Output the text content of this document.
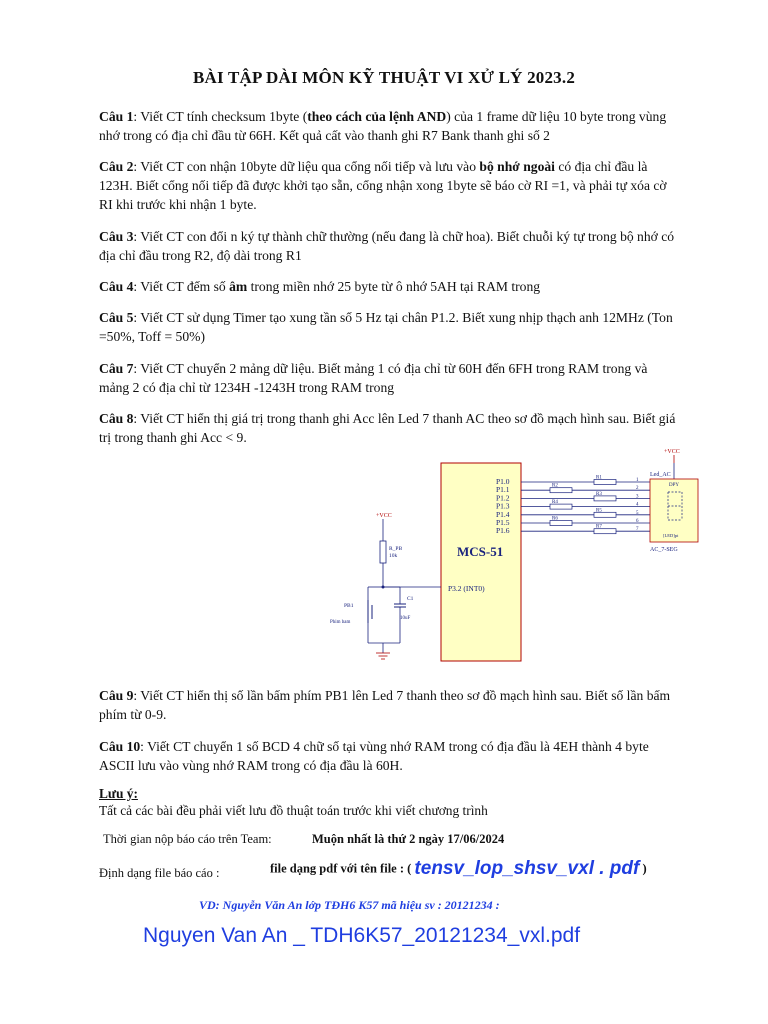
BÀI TẬP DÀI MÔN KỸ THUẬT VI XỬ LÝ 2023.2
Câu 1: Viết CT tính checksum 1byte (theo cách của lệnh AND) của 1 frame dữ liệu 10 byte trong vùng nhớ trong có địa chỉ đầu từ 66H. Kết quả cất vào thanh ghi R7 Bank thanh ghi số 2
Câu 2: Viết CT con nhận 10byte dữ liệu qua cổng nối tiếp và lưu vào bộ nhớ ngoài có địa chỉ đầu là 123H. Biết cổng nối tiếp đã được khởi tạo sẵn, cổng nhận xong 1byte sẽ báo cờ RI =1, và phải tự xóa cờ RI khi trước khi nhận 1 byte.
Câu 3: Viết CT con đổi n ký tự thành chữ thường (nếu đang là chữ hoa). Biết chuỗi ký tự trong bộ nhớ có địa chỉ đầu trong R2, độ dài trong R1
Câu 4: Viết CT đếm số âm trong miền nhớ 25 byte từ ô nhớ 5AH tại RAM trong
Câu 5: Viết CT sử dụng Timer tạo xung tần số 5 Hz tại chân P1.2. Biết xung nhịp thạch anh 12MHz (Ton =50%, Toff = 50%)
Câu 7: Viết CT chuyển 2 mảng dữ liệu. Biết mảng 1 có địa chỉ từ 60H đến 6FH trong RAM trong và mảng 2 có địa chỉ từ 1234H -1243H trong RAM trong
Câu 8: Viết CT hiển thị giá trị trong thanh ghi Acc lên Led 7 thanh AC theo sơ đồ mạch hình sau. Biết giá trị trong thanh ghi Acc < 9.
MCS-51
P3.2 (INT0)
P1.0
P1.1
P1.2
P1.3
P1.4
P1.5
P1.6
R1	1
R2	2
R3	3
R4	4
R5	5
R6	6
R7	7
+VCC
Led_AC
DPY
[LED]pt
AC_7-SEG
+VCC
R_PB
10k
C1
10uF
PB1
Phim bam
Câu 9: Viết CT hiển thị số lần bấm phím PB1 lên Led 7 thanh theo sơ đồ mạch hình sau. Biết số lần bấm phím từ 0-9.
Câu 10: Viết CT chuyển 1 số BCD 4 chữ số tại vùng nhớ RAM trong có địa đầu là 4EH thành 4 byte ASCII lưu vào vùng nhớ RAM trong có địa đầu là 60H.
Lưu ý:
Tất cả các bài đều phải viết lưu đồ thuật toán trước khi viết chương trình
Thời gian nộp báo cáo trên Team:	Muộn nhất là thứ 2 ngày 17/06/2024
Định dạng file báo cáo :	file dạng pdf với tên file : ( tensv_lop_shsv_vxl . pdf )
VD: Nguyễn Văn An lớp TĐH6 K57 mã hiệu sv : 20121234 :
Nguyen Van An _ TDH6K57_20121234_vxl.pdf
